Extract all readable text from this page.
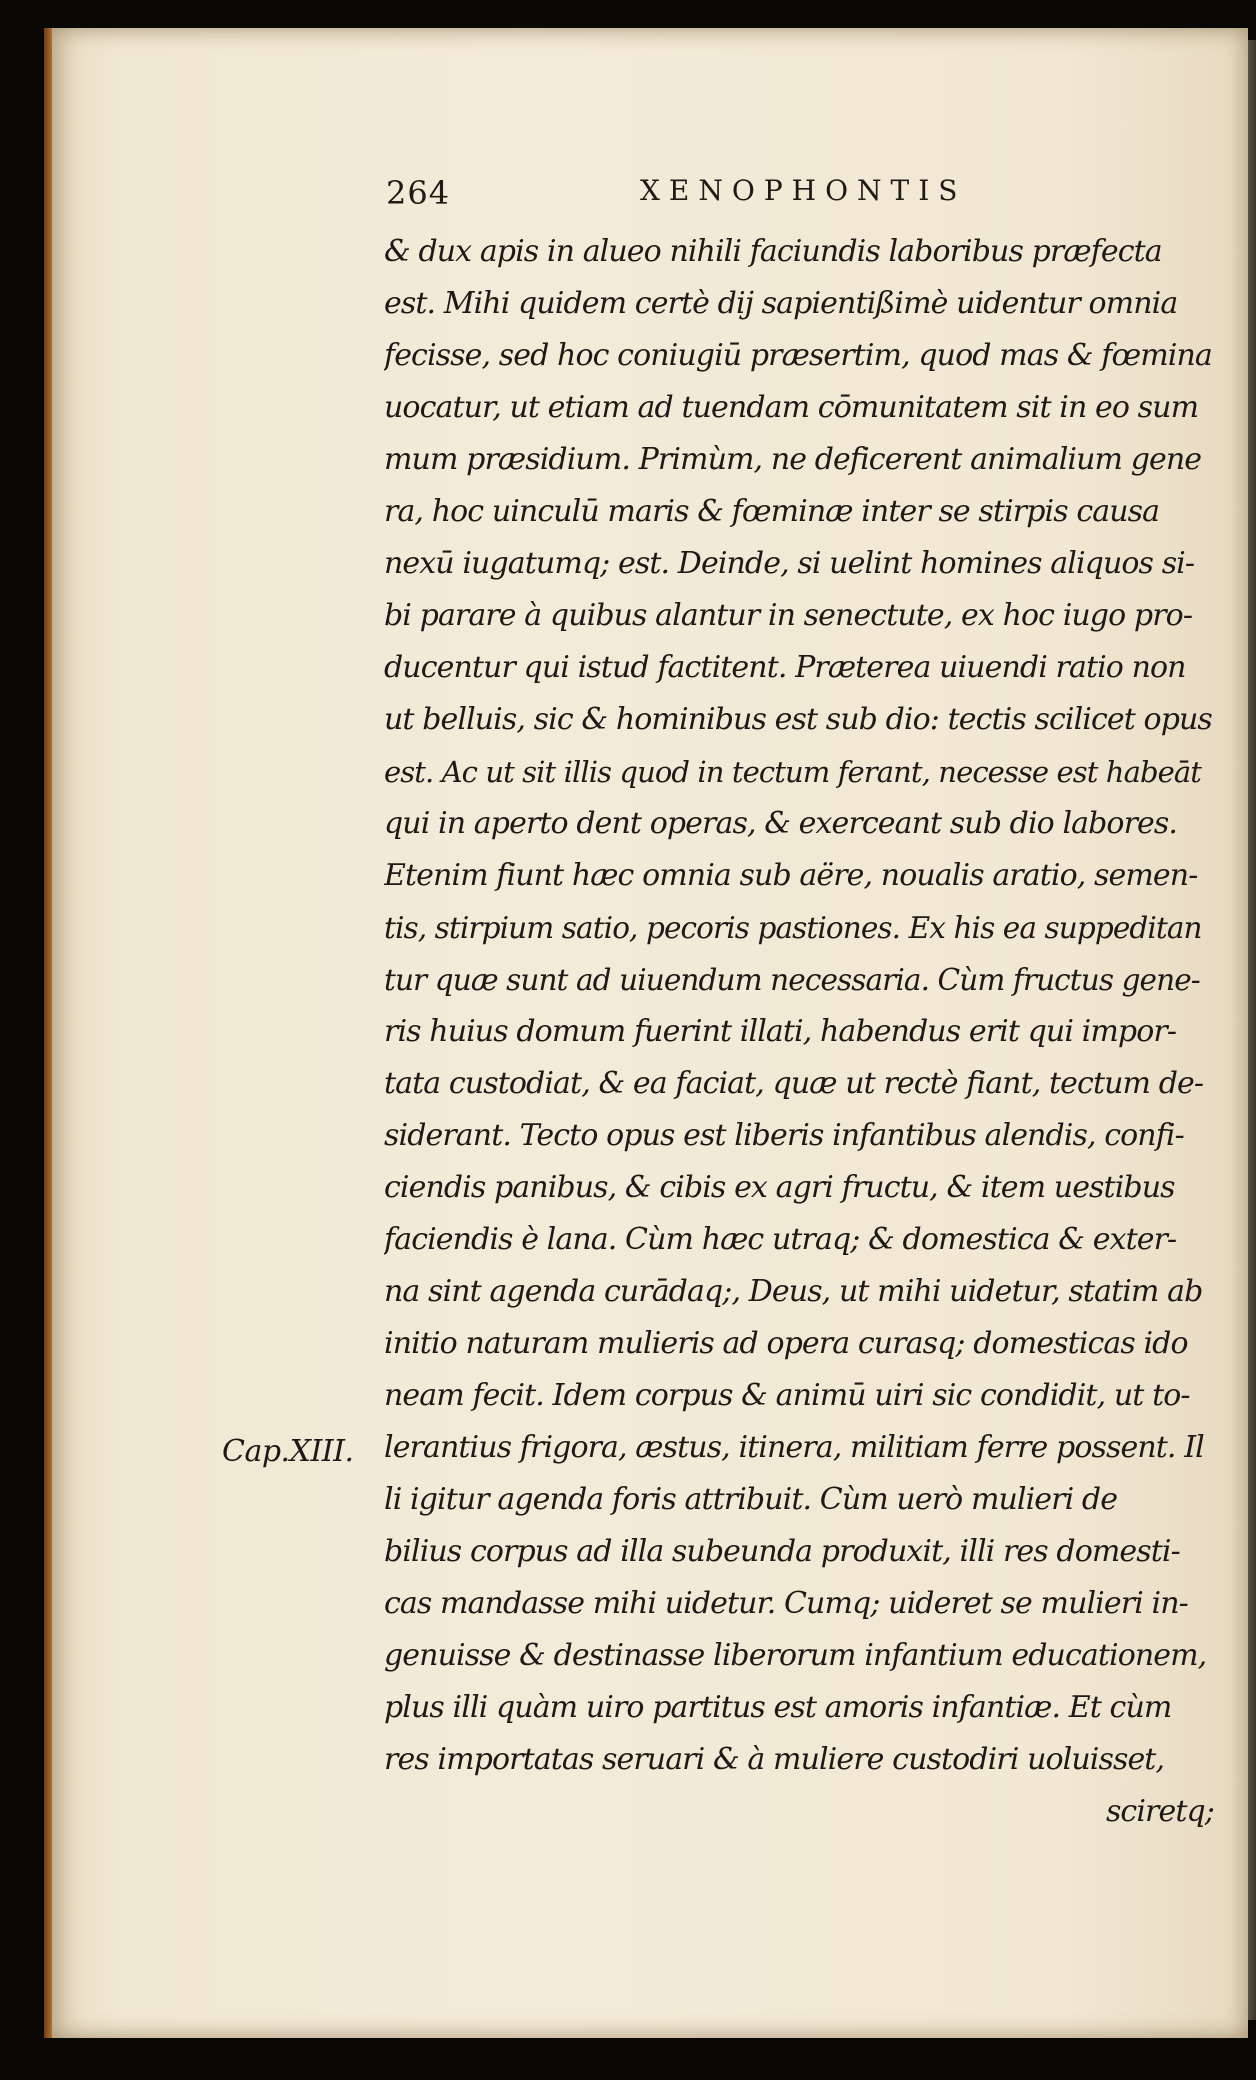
264	XENOPHONTIS
Cap.XIII.
& dux apis in alueo nihili faciundis laboribus præfecta
est. Mihi quidem certè dij sapientißimè uidentur omnia
fecisse, sed hoc coniugiū præsertim, quod mas & fœmina
uocatur, ut etiam ad tuendam cōmunitatem sit in eo sum
mum præsidium. Primùm, ne deficerent animalium gene
ra, hoc uinculū maris & fœminæ inter se stirpis causa
nexū iugatumq; est. Deinde, si uelint homines aliquos si-
bi parare à quibus alantur in senectute, ex hoc iugo pro-
ducentur qui istud factitent. Præterea uiuendi ratio non
ut belluis, sic & hominibus est sub dio: tectis scilicet opus
est. Ac ut sit illis quod in tectum ferant, necesse est habeāt
qui in aperto dent operas, & exerceant sub dio labores.
Etenim fiunt hæc omnia sub aëre, noualis aratio, semen-
tis, stirpium satio, pecoris pastiones. Ex his ea suppeditan
tur quæ sunt ad uiuendum necessaria. Cùm fructus gene-
ris huius domum fuerint illati, habendus erit qui impor-
tata custodiat, & ea faciat, quæ ut rectè fiant, tectum de-
siderant. Tecto opus est liberis infantibus alendis, confi-
ciendis panibus, & cibis ex agri fructu, & item uestibus
faciendis è lana. Cùm hæc utraq; & domestica & exter-
na sint agenda curādaq;, Deus, ut mihi uidetur, statim ab
initio naturam mulieris ad opera curasq; domesticas ido
neam fecit. Idem corpus & animū uiri sic condidit, ut to-
lerantius frigora, æstus, itinera, militiam ferre possent. Il
li igitur agenda foris attribuit. Cùm uerò mulieri de
bilius corpus ad illa subeunda produxit, illi res domesti-
cas mandasse mihi uidetur. Cumq; uideret se mulieri in-
genuisse & destinasse liberorum infantium educationem,
plus illi quàm uiro partitus est amoris infantiæ. Et cùm
res importatas seruari & à muliere custodiri uoluisset,
sciretq;
